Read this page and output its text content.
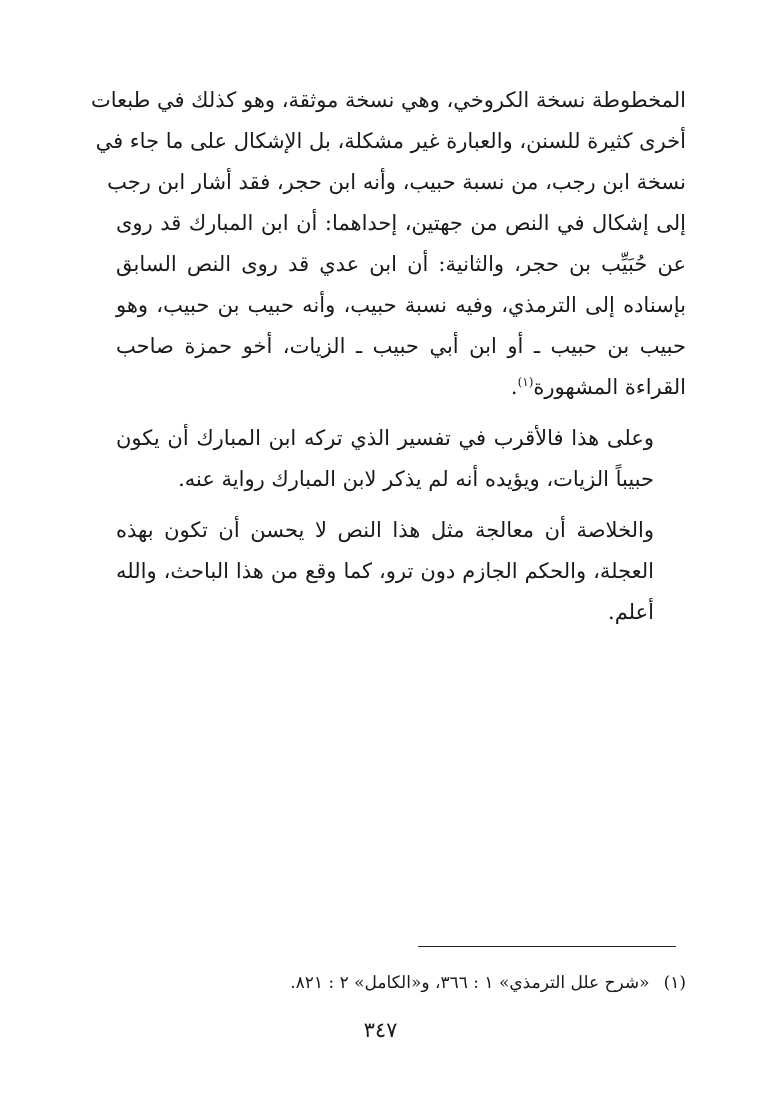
المخطوطة نسخة الكروخي، وهي نسخة موثقة، وهو كذلك في طبعات
أخرى كثيرة للسنن، والعبارة غير مشكلة، بل الإشكال على ما جاء في
نسخة ابن رجب، من نسبة حبيب، وأنه ابن حجر، فقد أشار ابن رجب
إلى إشكال في النص من جهتين، إحداهما: أن ابن المبارك قد روى
عن حُبَيِّب بن حجر، والثانية: أن ابن عدي قد روى النص السابق
بإسناده إلى الترمذي، وفيه نسبة حبيب، وأنه حبيب بن حبيب، وهو
حبيب بن حبيب ـ أو ابن أبي حبيب ـ الزيات، أخو حمزة صاحب
القراءة المشهورة$^{(١)}$.

وعلى هذا فالأقرب في تفسير الذي تركه ابن المبارك أن يكون
حبيباً الزيات، ويؤيده أنه لم يذكر لابن المبارك رواية عنه.

والخلاصة أن معالجة مثل هذا النص لا يحسن أن تكون بهذه
العجلة، والحكم الجازم دون ترو، كما وقع من هذا الباحث، والله
أعلم.

(١)«شرح علل الترمذي» ١ : ٣٦٦، و«الكامل» ٢ : ٨٢١.
٣٤٧
